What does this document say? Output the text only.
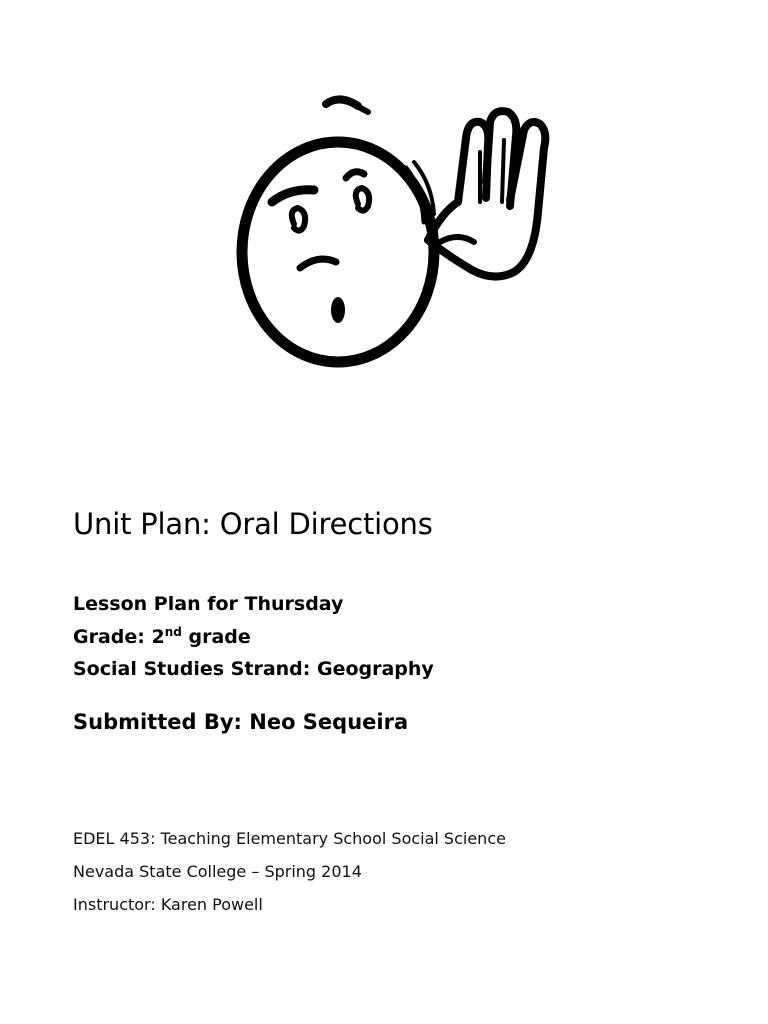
Unit Plan: Oral Directions
Lesson Plan for Thursday
Grade: 2nd grade
Social Studies Strand: Geography
Submitted By: Neo Sequeira
EDEL 453: Teaching Elementary School Social Science
Nevada State College – Spring 2014
Instructor: Karen Powell
